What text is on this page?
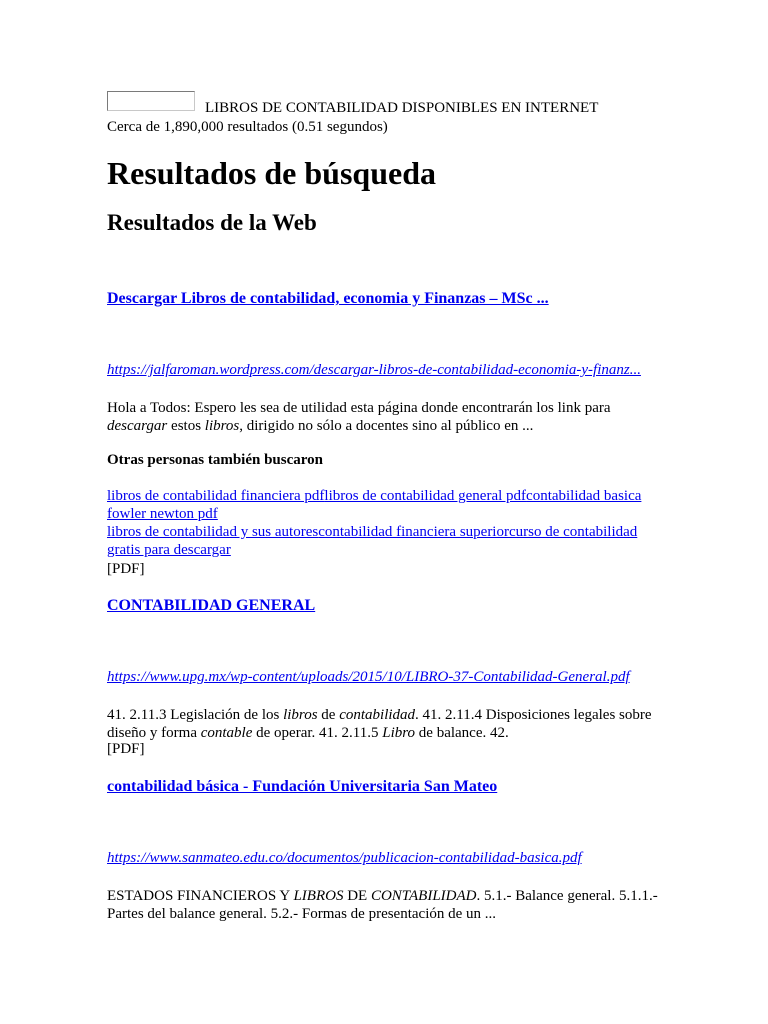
LIBROS DE CONTABILIDAD DISPONIBLES EN INTERNET
Cerca de 1,890,000 resultados (0.51 segundos)
Resultados de búsqueda
Resultados de la Web
Descargar Libros de contabilidad, economia y Finanzas – MSc ...
https://jalfaroman.wordpress.com/descargar-libros-de-contabilidad-economia-y-finanz...
Hola a Todos: Espero les sea de utilidad esta página donde encontrarán los link para
descargar estos libros, dirigido no sólo a docentes sino al público en ...
Otras personas también buscaron
libros de contabilidad financiera pdflibros de contabilidad general pdfcontabilidad basica fowler newton pdf
libros de contabilidad y sus autorescontabilidad financiera superiorcurso de contabilidad gratis para descargar
[PDF]
CONTABILIDAD GENERAL
https://www.upg.mx/wp-content/uploads/2015/10/LIBRO-37-Contabilidad-General.pdf
41. 2.11.3 Legislación de los libros de contabilidad. 41. 2.11.4 Disposiciones legales sobre diseño y forma contable de operar. 41. 2.11.5 Libro de balance. 42.
[PDF]
contabilidad básica - Fundación Universitaria San Mateo
https://www.sanmateo.edu.co/documentos/publicacion-contabilidad-basica.pdf
ESTADOS FINANCIEROS Y LIBROS DE CONTABILIDAD. 5.1.- Balance general. 5.1.1.- Partes del balance general. 5.2.- Formas de presentación de un ...
